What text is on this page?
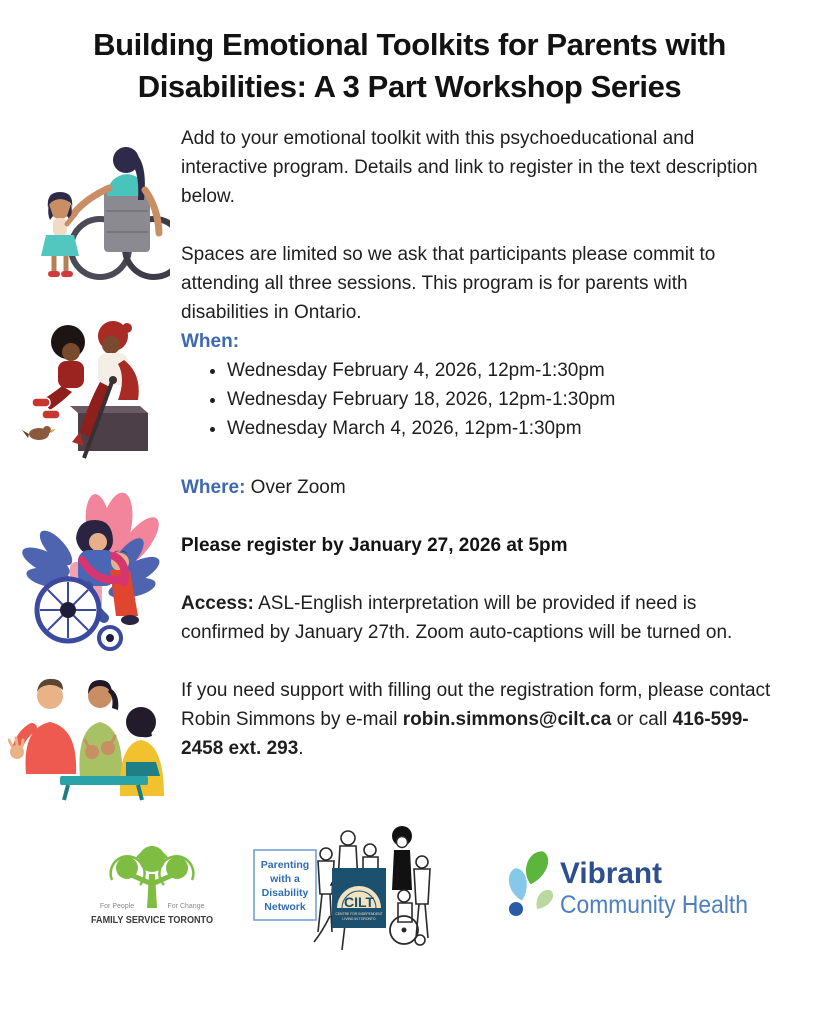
Building Emotional Toolkits for Parents with
Disabilities: A 3 Part Workshop Series

Add to your emotional toolkit with this psychoeducational and interactive program. Details and link to register in the text description below.

Spaces are limited so we ask that participants please commit to attending all three sessions. This program is for parents with disabilities in Ontario.

When:

• Wednesday February 4, 2026, 12pm-1:30pm
• Wednesday February 18, 2026, 12pm-1:30pm
• Wednesday March 4, 2026, 12pm-1:30pm

Where: Over Zoom

Please register by January 27, 2026 at 5pm

Access: ASL-English interpretation will be provided if need is confirmed by January 27th. Zoom auto-captions will be turned on.

If you need support with filling out the registration form, please contact Robin Simmons by e-mail robin.simmons@cilt.ca or call 416-599-2458 ext. 293.

For People	For Change
FAMILY SERVICE TORONTO
Parenting
with a
Disability
Network	CILT
CENTRE FOR INDEPENDENT
LIVING IN TORONTO
Vibrant
Community Health
